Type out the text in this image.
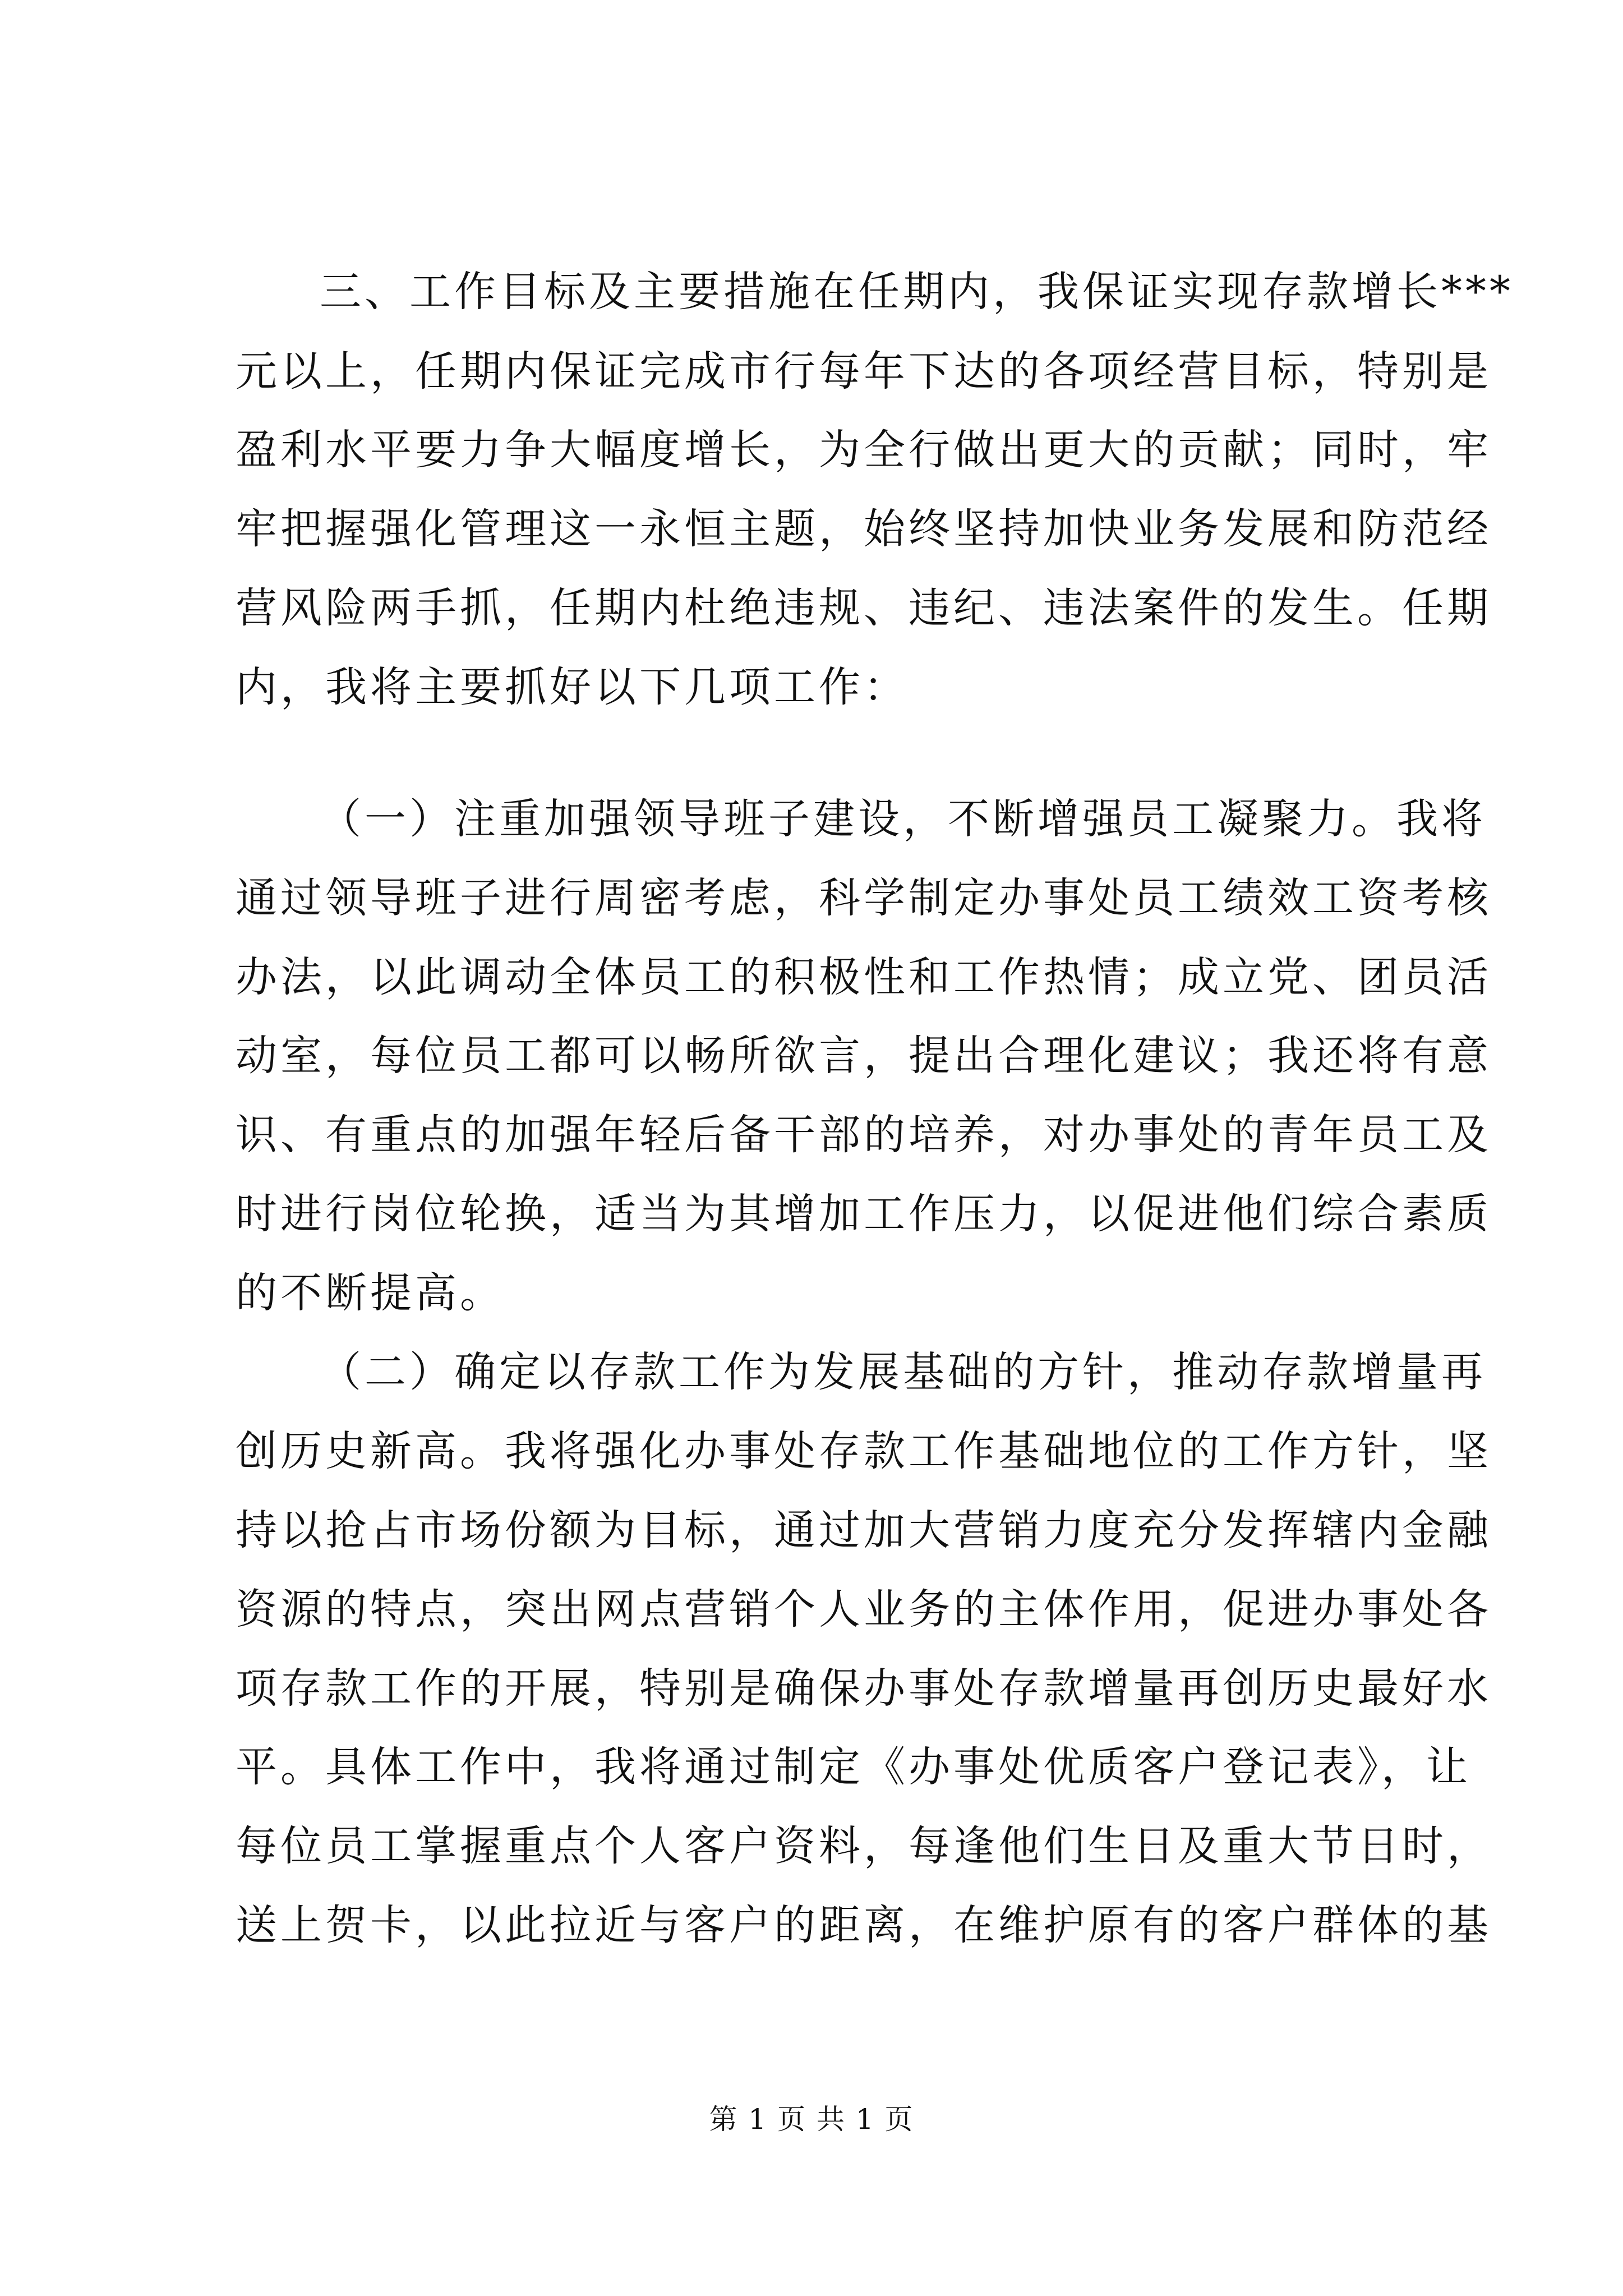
三、工作目标及主要措施在任期内，我保证实现存款增长***
元以上，任期内保证完成市行每年下达的各项经营目标，特别是
盈利水平要力争大幅度增长，为全行做出更大的贡献；同时，牢
牢把握强化管理这一永恒主题，始终坚持加快业务发展和防范经
营风险两手抓，任期内杜绝违规、违纪、违法案件的发生。任期
内，我将主要抓好以下几项工作：
（一）注重加强领导班子建设，不断增强员工凝聚力。我将
通过领导班子进行周密考虑，科学制定办事处员工绩效工资考核
办法，以此调动全体员工的积极性和工作热情；成立党、团员活
动室，每位员工都可以畅所欲言，提出合理化建议；我还将有意
识、有重点的加强年轻后备干部的培养，对办事处的青年员工及
时进行岗位轮换，适当为其增加工作压力，以促进他们综合素质
的不断提高。
（二）确定以存款工作为发展基础的方针，推动存款增量再
创历史新高。我将强化办事处存款工作基础地位的工作方针，坚
持以抢占市场份额为目标，通过加大营销力度充分发挥辖内金融
资源的特点，突出网点营销个人业务的主体作用，促进办事处各
项存款工作的开展，特别是确保办事处存款增量再创历史最好水
平。具体工作中，我将通过制定《办事处优质客户登记表》，让
每位员工掌握重点个人客户资料，每逢他们生日及重大节日时，
送上贺卡，以此拉近与客户的距离，在维护原有的客户群体的基
第 1 页 共 1 页
